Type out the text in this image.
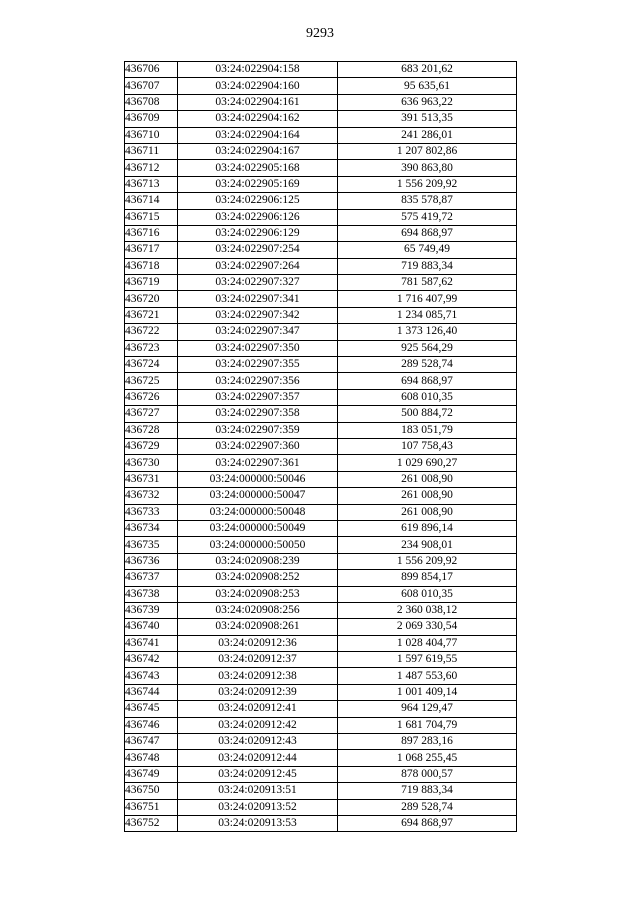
9293
436706	03:24:022904:158	683 201,62
436707	03:24:022904:160	95 635,61
436708	03:24:022904:161	636 963,22
436709	03:24:022904:162	391 513,35
436710	03:24:022904:164	241 286,01
436711	03:24:022904:167	1 207 802,86
436712	03:24:022905:168	390 863,80
436713	03:24:022905:169	1 556 209,92
436714	03:24:022906:125	835 578,87
436715	03:24:022906:126	575 419,72
436716	03:24:022906:129	694 868,97
436717	03:24:022907:254	65 749,49
436718	03:24:022907:264	719 883,34
436719	03:24:022907:327	781 587,62
436720	03:24:022907:341	1 716 407,99
436721	03:24:022907:342	1 234 085,71
436722	03:24:022907:347	1 373 126,40
436723	03:24:022907:350	925 564,29
436724	03:24:022907:355	289 528,74
436725	03:24:022907:356	694 868,97
436726	03:24:022907:357	608 010,35
436727	03:24:022907:358	500 884,72
436728	03:24:022907:359	183 051,79
436729	03:24:022907:360	107 758,43
436730	03:24:022907:361	1 029 690,27
436731	03:24:000000:50046	261 008,90
436732	03:24:000000:50047	261 008,90
436733	03:24:000000:50048	261 008,90
436734	03:24:000000:50049	619 896,14
436735	03:24:000000:50050	234 908,01
436736	03:24:020908:239	1 556 209,92
436737	03:24:020908:252	899 854,17
436738	03:24:020908:253	608 010,35
436739	03:24:020908:256	2 360 038,12
436740	03:24:020908:261	2 069 330,54
436741	03:24:020912:36	1 028 404,77
436742	03:24:020912:37	1 597 619,55
436743	03:24:020912:38	1 487 553,60
436744	03:24:020912:39	1 001 409,14
436745	03:24:020912:41	964 129,47
436746	03:24:020912:42	1 681 704,79
436747	03:24:020912:43	897 283,16
436748	03:24:020912:44	1 068 255,45
436749	03:24:020912:45	878 000,57
436750	03:24:020913:51	719 883,34
436751	03:24:020913:52	289 528,74
436752	03:24:020913:53	694 868,97
